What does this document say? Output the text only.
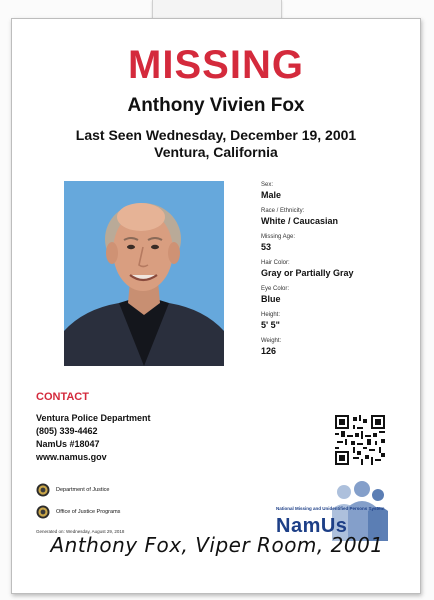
MISSING
Anthony Vivien Fox
Last Seen Wednesday, December 19, 2001
Ventura, California
Sex:
Male
Race / Ethnicity:
White / Caucasian
Missing Age:
53
Hair Color:
Gray or Partially Gray
Eye Color:
Blue
Height:
5' 5"
Weight:
126
CONTACT
Ventura Police Department
(805) 339-4462
NamUs #18047
www.namus.gov
Department of Justice
Office of Justice Programs
Generated on: Wednesday, August 29, 2018
National Missing and Unidentified Persons System
NamUs
Anthony Fox, Viper Room, 2001
